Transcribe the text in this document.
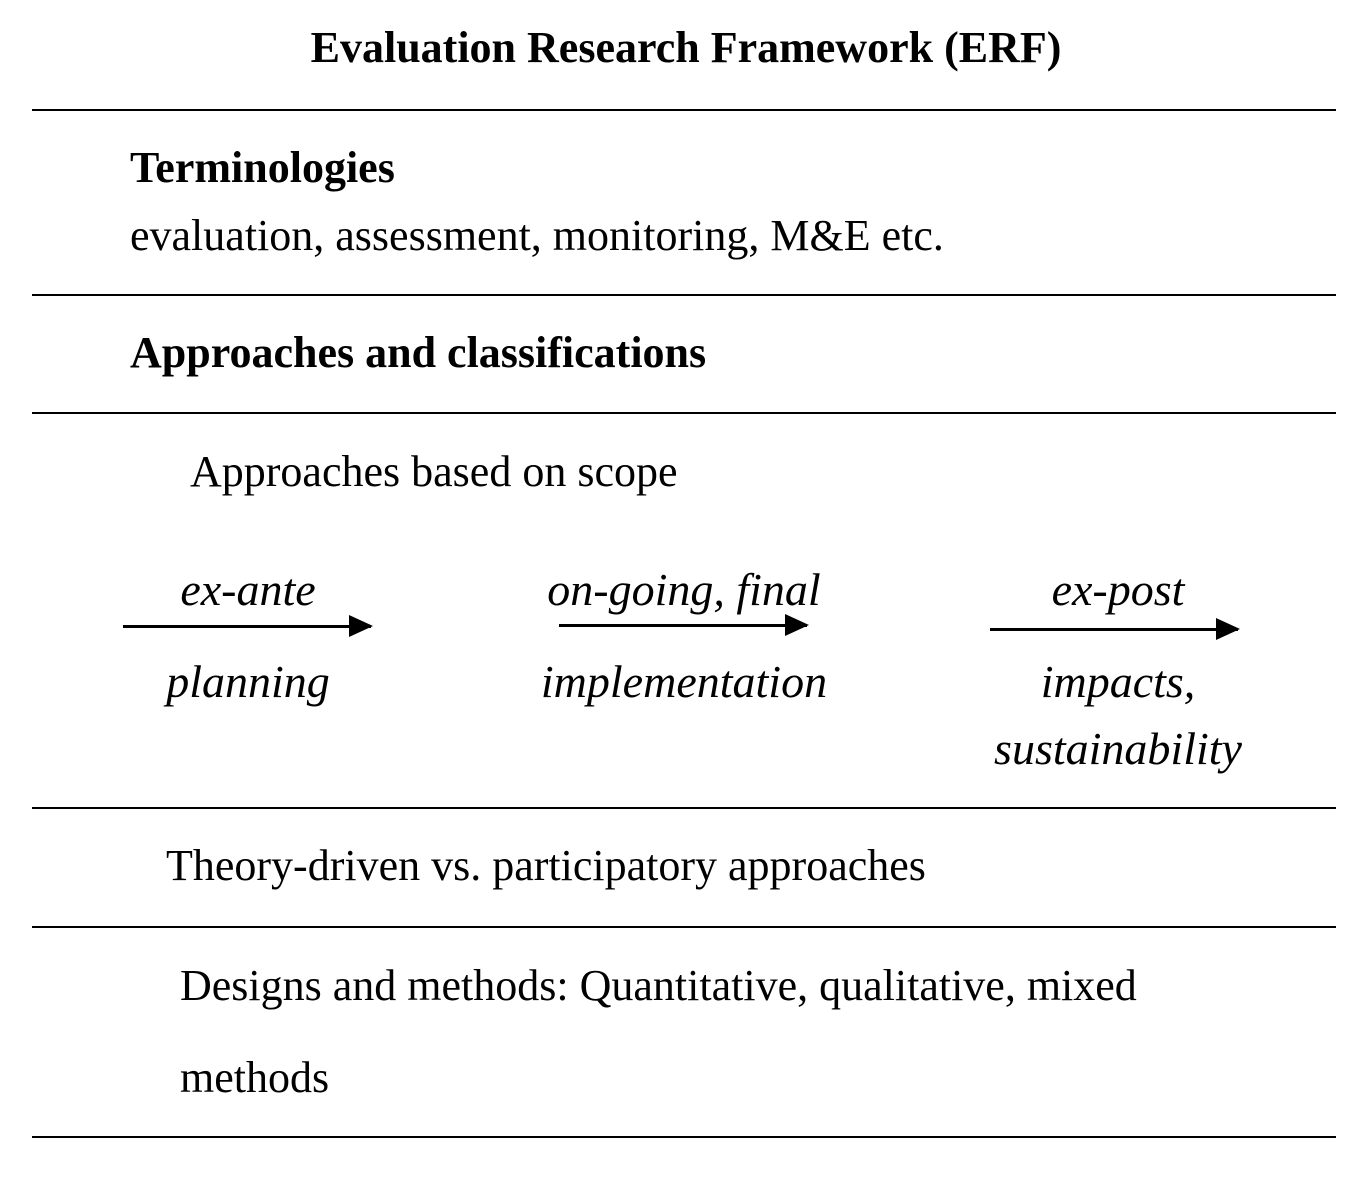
Evaluation Research Framework (ERF)
Terminologies
evaluation, assessment, monitoring, M&E etc.
Approaches and classifications
Approaches based on scope
ex-ante
planning
on-going, final
implementation
ex-post
impacts,
sustainability
Theory-driven vs. participatory approaches
Designs and methods: Quantitative, qualitative, mixed
methods
